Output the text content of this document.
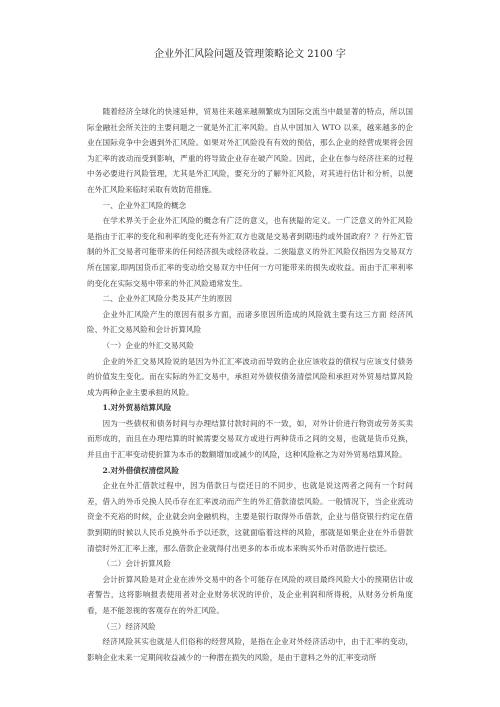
企业外汇风险问题及管理策略论文 2100 字

随着经济全球化的快速延伸，贸易往来越来越频繁成为国际交流当中最显著的特点，所以国际金融社会所关注的主要问题之一就是外汇汇率风险。自从中国加入 WTO 以来，越来越多的企业在国际竞争中会遇到外汇风险。如果对外汇风险没有有效的预估，那么企业的经营成果将会因为汇率的波动而受到影响，严重的将导致企业存在破产风险。因此，企业在参与经济往来的过程中务必要进行风险管理，尤其是外汇风险，要充分的了解外汇风险，对其进行估计和分析，以便在外汇风险来临时采取有效防范措施。

一、企业外汇风险的概念

在学术界关于企业外汇风险的概念有广泛的意义，也有狭隘的定义。一广泛意义的外汇风险是指由于汇率的变化和利率的变化还有外汇双方也就是交易者到期违约或外国政府？？行外汇管制的外汇交易者可能带来的任何经济损失或经济收益。二狭隘意义的外汇风险仅指因为交易双方所在国家,即两国货币汇率的变动给交易双方中任何一方可能带来的损失或收益。而由于汇率利率的变化在实际交易中带来的外汇风险通常发生。

二、企业外汇风险分类及其产生的原因

企业外汇风险产生的原因有很多方面，而诸多原因所造成的风险就主要有这三方面 经济风险、外汇交易风险和会计折算风险

（一）企业的外汇交易风险

企业的外汇交易风险说的是因为外汇汇率波动而导致的企业应该收益的债权与应该支付债务的价值发生变化。而在实际的外汇交易中，承担对外债权债务清偿风险和承担对外贸易结算风险成为两种企业主要承担的风险。

1.对外贸易结算风险

因为一些债权和债务时间与办理结算付款时间的不一致，如，对外计价进行物资或劳务买卖而形成的，而且在办理结算的时候需要交易双方或进行两种货币之间的交易，也就是货币兑换，并且由于汇率变动使折算为本币的数额增加或减少的风险，这种风险称之为对外贸易结算风险。

2.对外借债权清偿风险

企业在外汇借款过程中，因为借款日与偿还日的不同步，也就是说这两者之间有一个时间差，借入的外币兑换人民币存在汇率波动而产生的外汇借款清偿风险。一般情况下，当企业流动资金不充裕的时候，企业就会向金融机构，主要是银行取得外币借款，企业与借贷银行约定在借款到期的时候以人民币兑换外币予以还款，这就面临着这样的风险，那就是如果企业在外币借款清偿时外汇汇率上涨，那么借款企业就得付出更多的本币成本来购买外币对借款进行偿还。

（二）会计折算风险

会计折算风险是对企业在涉外交易中的各个可能存在风险的项目最终风险大小的预期估计或者警告，这将影响报表使用者对企业财务状况的评价，及企业利润和所得税，从财务分析角度看，是不能忽视的客观存在的外汇风险。

（三）经济风险

经济风险其实也就是人们俗称的经营风险，是指在企业对外经济活动中，由于汇率的变动，影响企业未来一定期间收益减少的一种潜在损失的风险，是由于意料之外的汇率变动所
